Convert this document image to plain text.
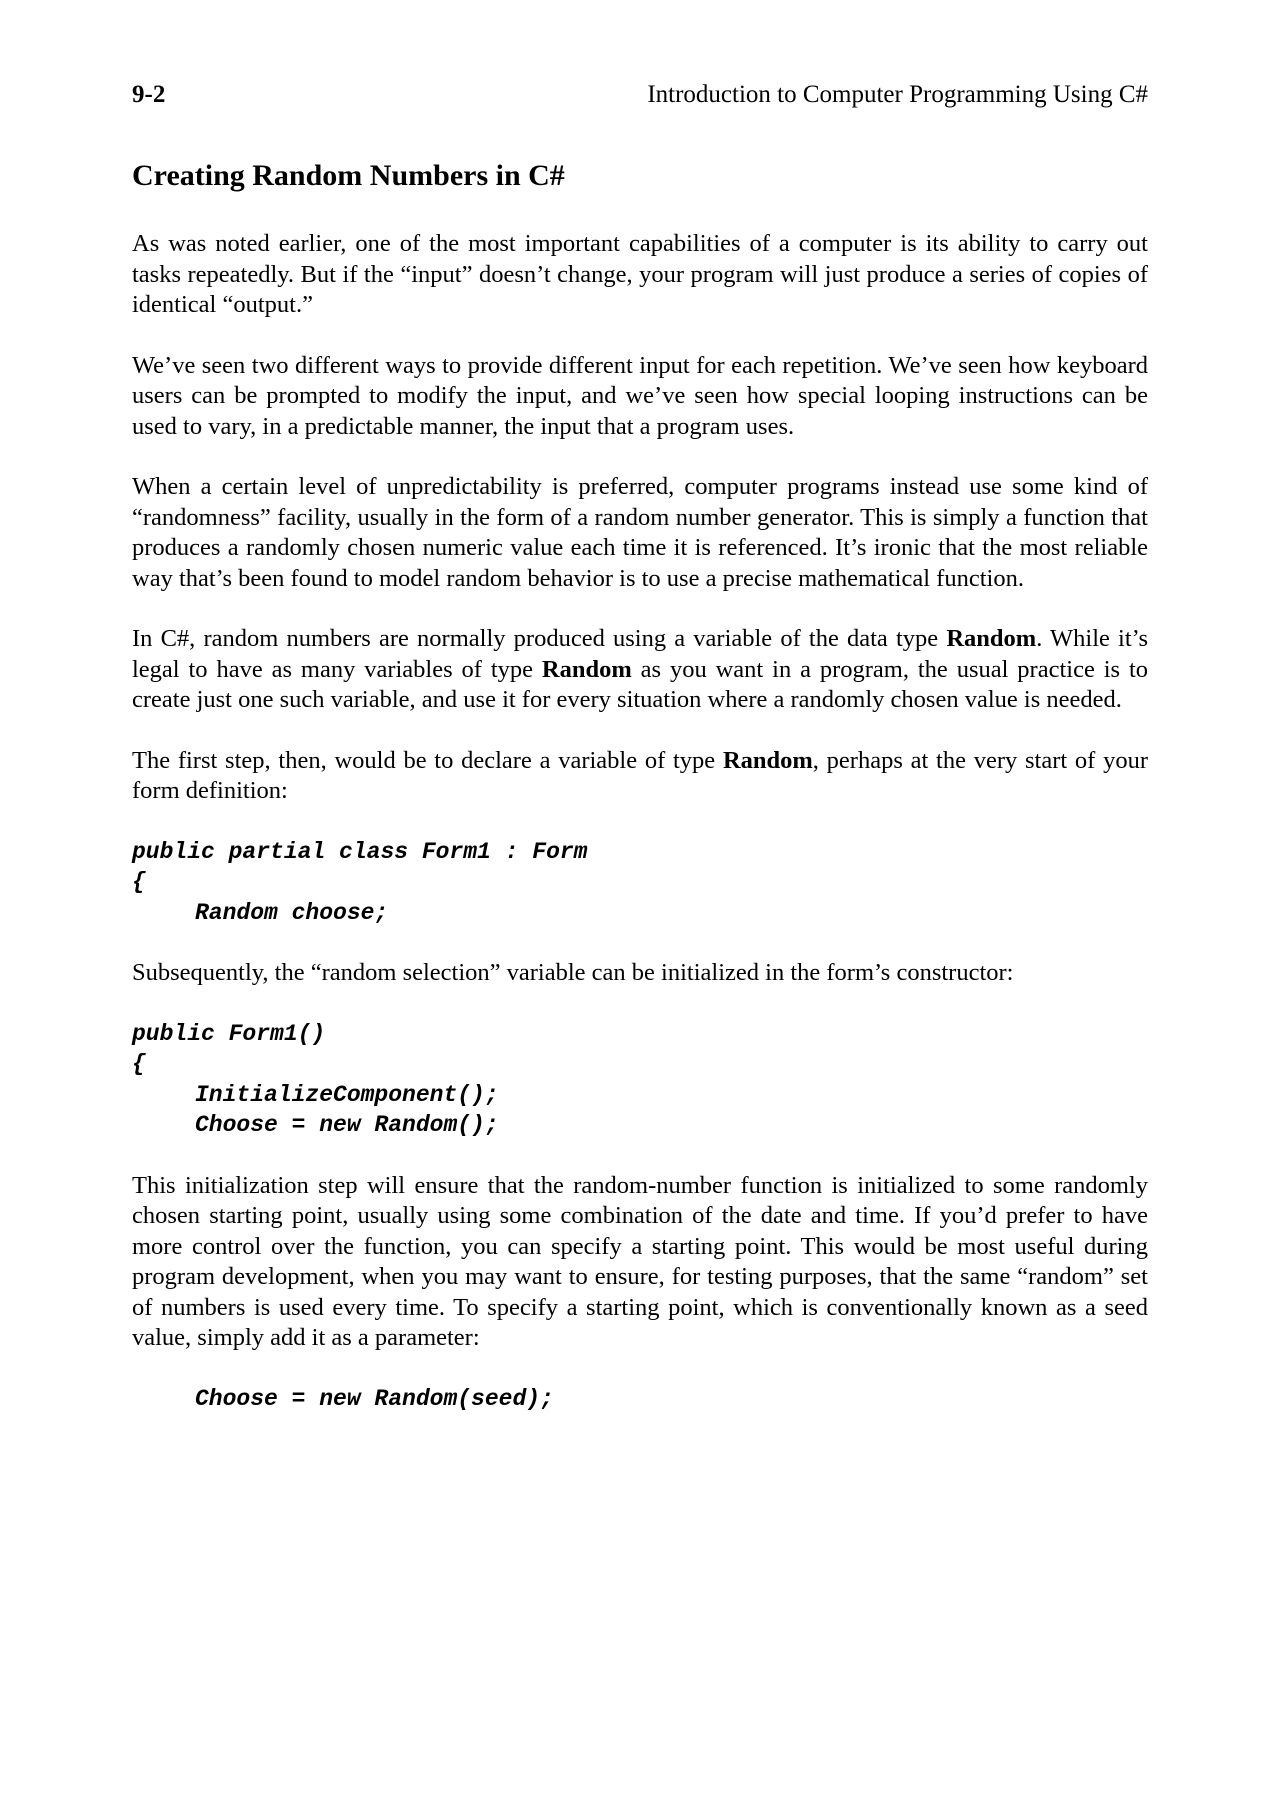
9-2	Introduction to Computer Programming Using C#
Creating Random Numbers in C#

As was noted earlier, one of the most important capabilities of a computer is its ability to carry out tasks repeatedly. But if the “input” doesn’t change, your program will just produce a series of copies of identical “output.”

We’ve seen two different ways to provide different input for each repetition. We’ve seen how keyboard users can be prompted to modify the input, and we’ve seen how special looping instructions can be used to vary, in a predictable manner, the input that a program uses.

When a certain level of unpredictability is preferred, computer programs instead use some kind of “randomness” facility, usually in the form of a random number generator. This is simply a function that produces a randomly chosen numeric value each time it is referenced. It’s ironic that the most reliable way that’s been found to model random behavior is to use a precise mathematical function.

In C#, random numbers are normally produced using a variable of the data type Random. While it’s legal to have as many variables of type Random as you want in a program, the usual practice is to create just one such variable, and use it for every situation where a randomly chosen value is needed.

The first step, then, would be to declare a variable of type Random, perhaps at the very start of your form definition:

public partial class Form1 : Form
{
Random choose;

Subsequently, the “random selection” variable can be initialized in the form’s constructor:

public Form1()
{
InitializeComponent();
Choose = new Random();

This initialization step will ensure that the random-number function is initialized to some randomly chosen starting point, usually using some combination of the date and time. If you’d prefer to have more control over the function, you can specify a starting point. This would be most useful during program development, when you may want to ensure, for testing purposes, that the same “random” set of numbers is used every time. To specify a starting point, which is conventionally known as a seed value, simply add it as a parameter:

Choose = new Random(seed);
